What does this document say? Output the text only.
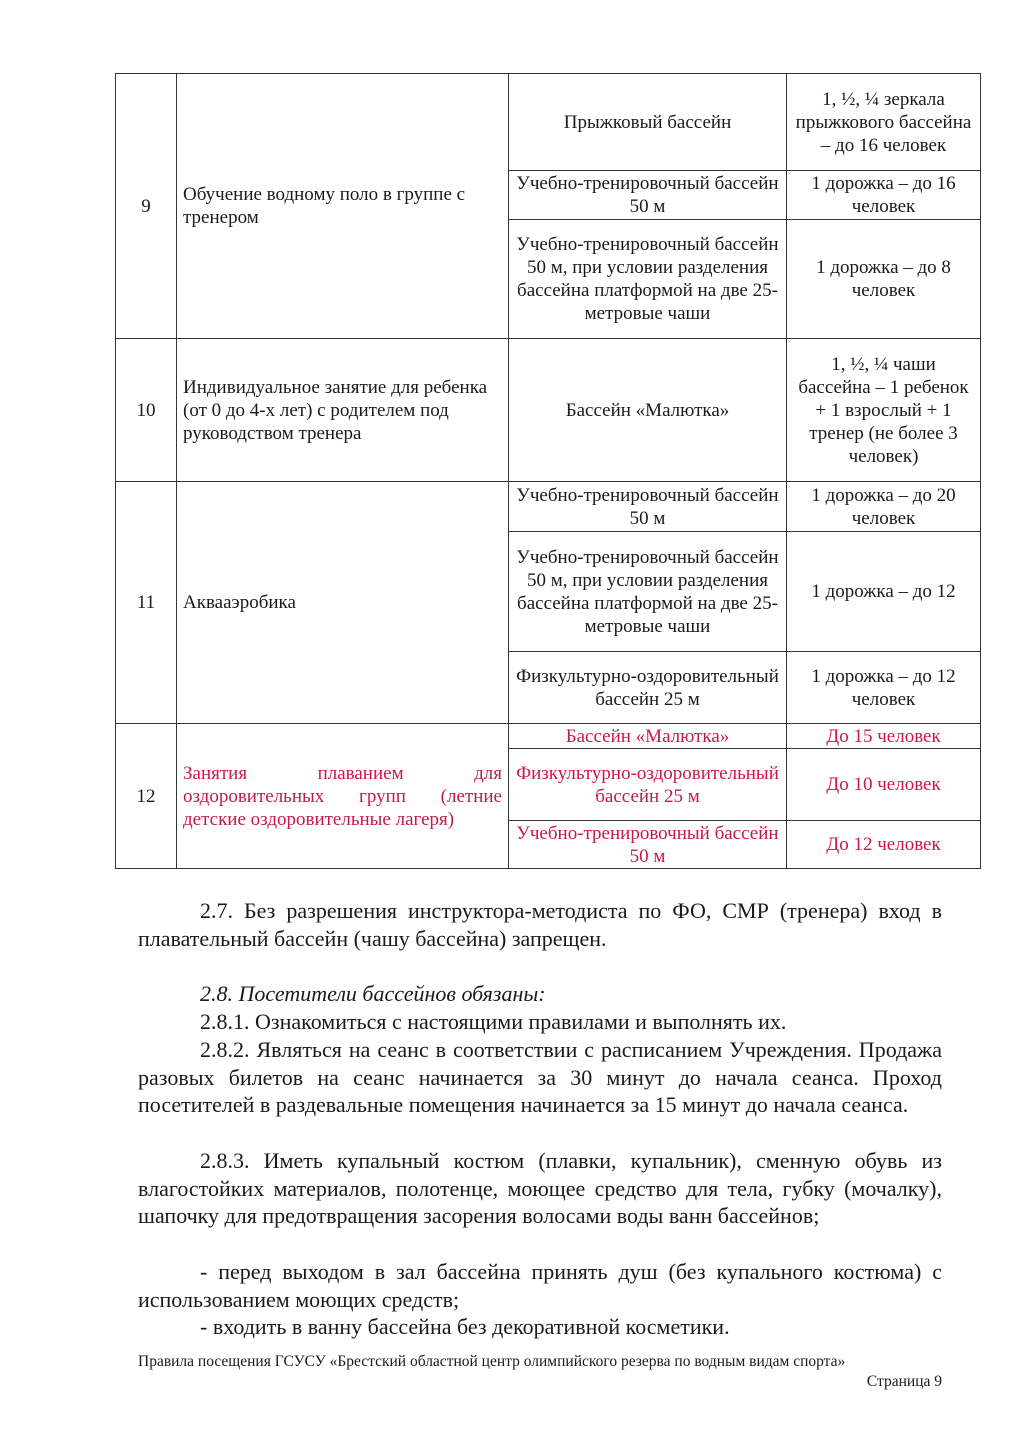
9	Обучение водному поло в группе с тренером	Прыжковый бассейн	1, ½, ¼ зеркала прыжкового бассейна – до 16 человек
		Учебно-тренировочный бассейн 50 м	1 дорожка – до 16 человек
		Учебно-тренировочный бассейн 50 м, при условии разделения бассейна платформой на две 25-метровые чаши	1 дорожка – до 8 человек
10	Индивидуальное занятие для ребенка (от 0 до 4-х лет) с родителем под руководством тренера	Бассейн «Малютка»	1, ½, ¼ чаши бассейна – 1 ребенок + 1 взрослый + 1 тренер (не более 3 человек)
11	Аквааэробика	Учебно-тренировочный бассейн 50 м	1 дорожка – до 20 человек
		Учебно-тренировочный бассейн 50 м, при условии разделения бассейна платформой на две 25-метровые чаши	1 дорожка – до 12
		Физкультурно-оздоровительный бассейн 25 м	1 дорожка – до 12 человек
12	Занятия плаванием для оздоровительных групп (летние детские оздоровительные лагеря)	Бассейн «Малютка»	До 15 человек
		Физкультурно-оздоровительный бассейн 25 м	До 10 человек
		Учебно-тренировочный бассейн 50 м	До 12 человек

2.7. Без разрешения инструктора-методиста по ФО, СМР (тренера) вход в плавательный бассейн (чашу бассейна) запрещен.

2.8. Посетители бассейнов обязаны:

2.8.1. Ознакомиться с настоящими правилами и выполнять их.

2.8.2. Являться на сеанс в соответствии с расписанием Учреждения. Продажа разовых билетов на сеанс начинается за 30 минут до начала сеанса. Проход посетителей в раздевальные помещения начинается за 15 минут до начала сеанса.

2.8.3. Иметь купальный костюм (плавки, купальник), сменную обувь из влагостойких материалов, полотенце, моющее средство для тела, губку (мочалку), шапочку для предотвращения засорения волосами воды ванн бассейнов;

- перед выходом в зал бассейна принять душ (без купального костюма) с использованием моющих средств;

- входить в ванну бассейна без декоративной косметики.

Правила посещения ГСУСУ «Брестский областной центр олимпийского резерва по водным видам спорта»
Страница 9
